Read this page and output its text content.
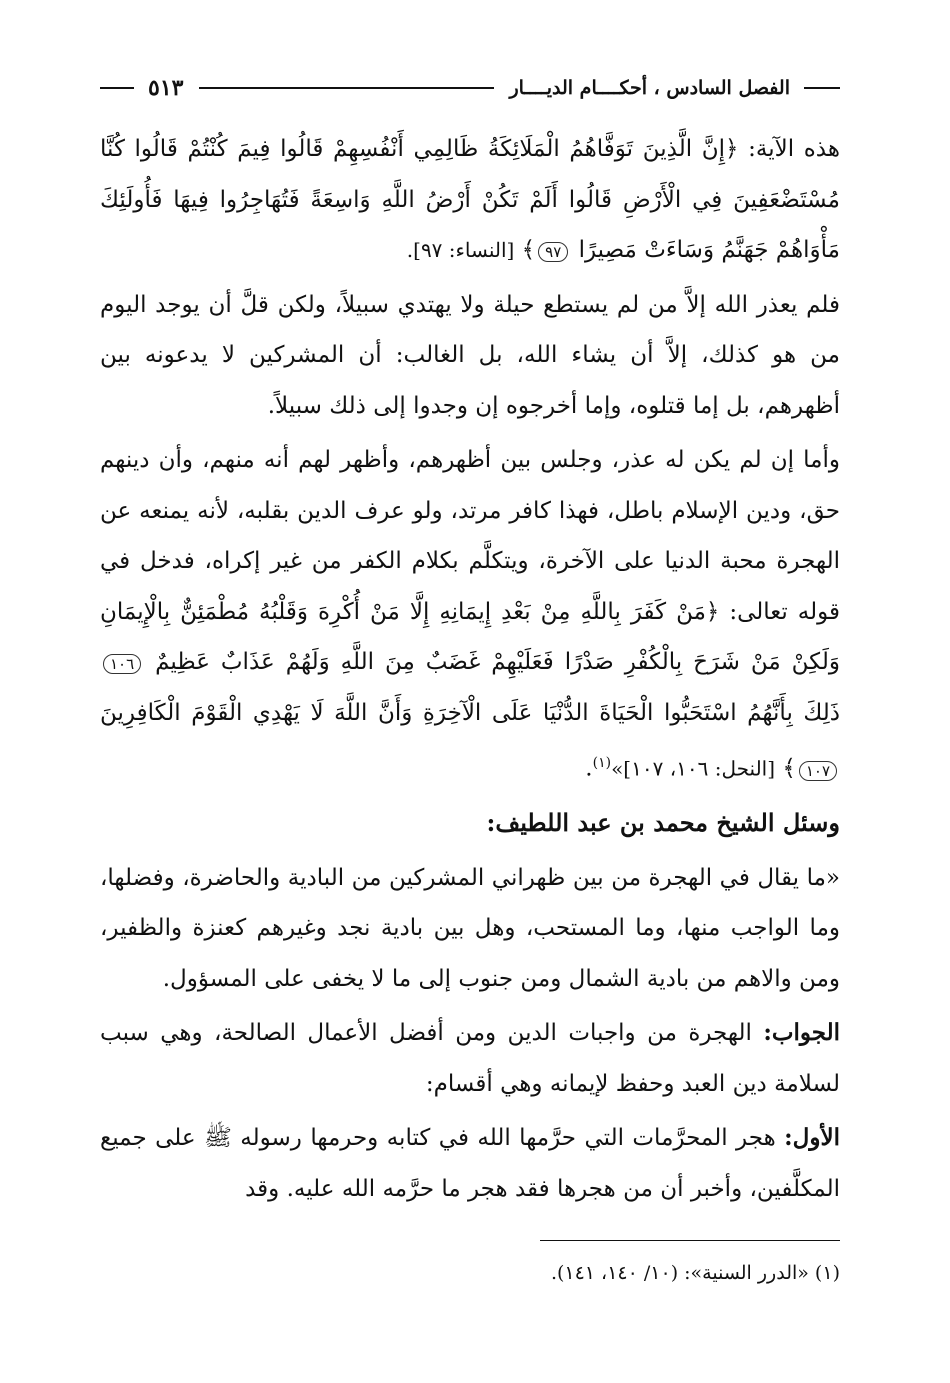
الفصل السادس ، أحكــــام الديــــار
٥١٣

هذه الآية: ﴿إِنَّ الَّذِينَ تَوَفَّاهُمُ الْمَلَائِكَةُ ظَالِمِي أَنْفُسِهِمْ قَالُوا فِيمَ كُنْتُمْ قَالُوا كُنَّا مُسْتَضْعَفِينَ فِي الْأَرْضِ قَالُوا أَلَمْ تَكُنْ أَرْضُ اللَّهِ وَاسِعَةً فَتُهَاجِرُوا فِيهَا فَأُولَئِكَ مَأْوَاهُمْ جَهَنَّمُ وَسَاءَتْ مَصِيرًا ٩٧﴾ [النساء: ٩٧].

فلم يعذر الله إلاَّ من لم يستطع حيلة ولا يهتدي سبيلاً، ولكن قلَّ أن يوجد اليوم من هو كذلك، إلاَّ أن يشاء الله، بل الغالب: أن المشركين لا يدعونه بين أظهرهم، بل إما قتلوه، وإما أخرجوه إن وجدوا إلى ذلك سبيلاً.

وأما إن لم يكن له عذر، وجلس بين أظهرهم، وأظهر لهم أنه منهم، وأن دينهم حق، ودين الإسلام باطل، فهذا كافر مرتد، ولو عرف الدين بقلبه، لأنه يمنعه عن الهجرة محبة الدنيا على الآخرة، ويتكلَّم بكلام الكفر من غير إكراه، فدخل في قوله تعالى: ﴿مَنْ كَفَرَ بِاللَّهِ مِنْ بَعْدِ إِيمَانِهِ إِلَّا مَنْ أُكْرِهَ وَقَلْبُهُ مُطْمَئِنٌّ بِالْإِيمَانِ وَلَكِنْ مَنْ شَرَحَ بِالْكُفْرِ صَدْرًا فَعَلَيْهِمْ غَضَبٌ مِنَ اللَّهِ وَلَهُمْ عَذَابٌ عَظِيمٌ ١٠٦ ذَلِكَ بِأَنَّهُمُ اسْتَحَبُّوا الْحَيَاةَ الدُّنْيَا عَلَى الْآخِرَةِ وَأَنَّ اللَّهَ لَا يَهْدِي الْقَوْمَ الْكَافِرِينَ ١٠٧﴾ [النحل: ١٠٦، ١٠٧]»$^{(١)}$.

وسئل الشيخ محمد بن عبد اللطيف:

«ما يقال في الهجرة من بين ظهراني المشركين من البادية والحاضرة، وفضلها، وما الواجب منها، وما المستحب، وهل بين بادية نجد وغيرهم كعنزة والظفير، ومن والاهم من بادية الشمال ومن جنوب إلى ما لا يخفى على المسؤول.

الجواب: الهجرة من واجبات الدين ومن أفضل الأعمال الصالحة، وهي سبب لسلامة دين العبد وحفظ لإيمانه وهي أقسام:

الأول: هجر المحرَّمات التي حرَّمها الله في كتابه وحرمها رسوله ﷺ على جميع المكلَّفين، وأخبر أن من هجرها فقد هجر ما حرَّمه الله عليه. وقد

(١) «الدرر السنية»: (١٠/ ١٤٠، ١٤١).
